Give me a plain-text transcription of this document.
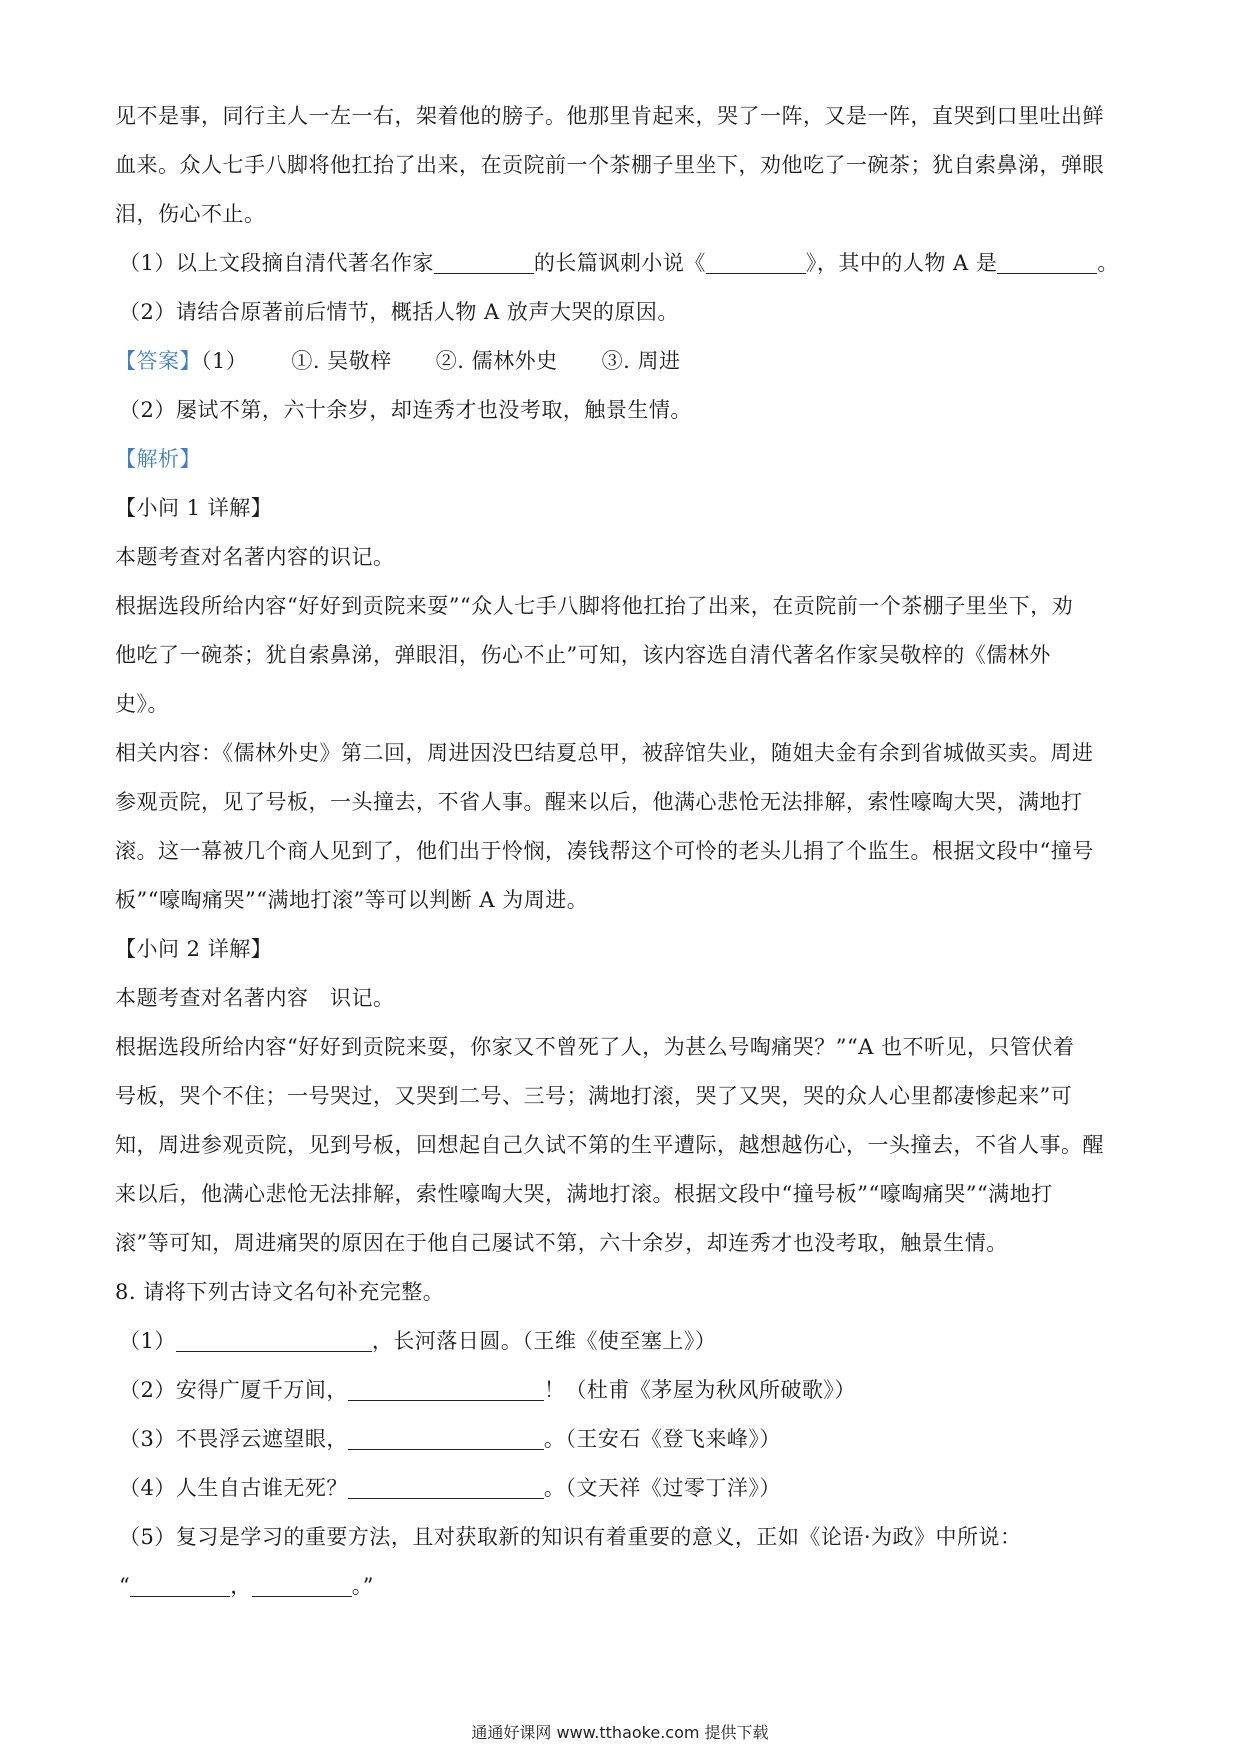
见不是事，同行主人一左一右，架着他的膀子。他那里肯起来，哭了一阵，又是一阵，直哭到口里吐出鲜
血来。众人七手八脚将他扛抬了出来，在贡院前一个茶棚子里坐下，劝他吃了一碗茶；犹自索鼻涕，弹眼
泪，伤心不止。
（1）以上文段摘自清代著名作家	的长篇讽刺小说《	》，其中的人物 A 是	。
（2）请结合原著前后情节，概括人物 A 放声大哭的原因。
【答案】（1） ①. 吴敬梓 ②. 儒林外史 ③. 周进
（2）屡试不第，六十余岁，却连秀才也没考取，触景生情。
【解析】
【小问 1 详解】
本题考查对名著内容的识记。
根据选段所给内容“好好到贡院来耍”“众人七手八脚将他扛抬了出来，在贡院前一个茶棚子里坐下，劝
他吃了一碗茶；犹自索鼻涕，弹眼泪，伤心不止”可知，该内容选自清代著名作家吴敬梓的《儒林外
史》。
相关内容：《儒林外史》第二回，周进因没巴结夏总甲，被辞馆失业，随姐夫金有余到省城做买卖。周进
参观贡院，见了号板，一头撞去，不省人事。醒来以后，他满心悲怆无法排解，索性嚎啕大哭，满地打
滚。这一幕被几个商人见到了，他们出于怜悯，凑钱帮这个可怜的老头儿捐了个监生。根据文段中“撞号
板”“嚎啕痛哭”“满地打滚”等可以判断 A 为周进。
【小问 2 详解】
本题考查对名著内容　识记。
根据选段所给内容“好好到贡院来耍，你家又不曾死了人，为甚么号啕痛哭？”“A 也不听见，只管伏着
号板，哭个不住；一号哭过，又哭到二号、三号；满地打滚，哭了又哭，哭的众人心里都凄惨起来”可
知，周进参观贡院，见到号板，回想起自己久试不第的生平遭际，越想越伤心，一头撞去，不省人事。醒
来以后，他满心悲怆无法排解，索性嚎啕大哭，满地打滚。根据文段中“撞号板”“嚎啕痛哭”“满地打
滚”等可知，周进痛哭的原因在于他自己屡试不第，六十余岁，却连秀才也没考取，触景生情。
8. 请将下列古诗文名句补充完整。
（1）	，长河落日圆。（王维《使至塞上》）
（2）安得广厦千万间，	！（杜甫《茅屋为秋风所破歌》）
（3）不畏浮云遮望眼，	。（王安石《登飞来峰》）
（4）人生自古谁无死？	。（文天祥《过零丁洋》）
（5）复习是学习的重要方法，且对获取新的知识有着重要的意义，正如《论语·为政》中所说：
“	，	。”
通通好课网 www.tthaoke.com 提供下载
